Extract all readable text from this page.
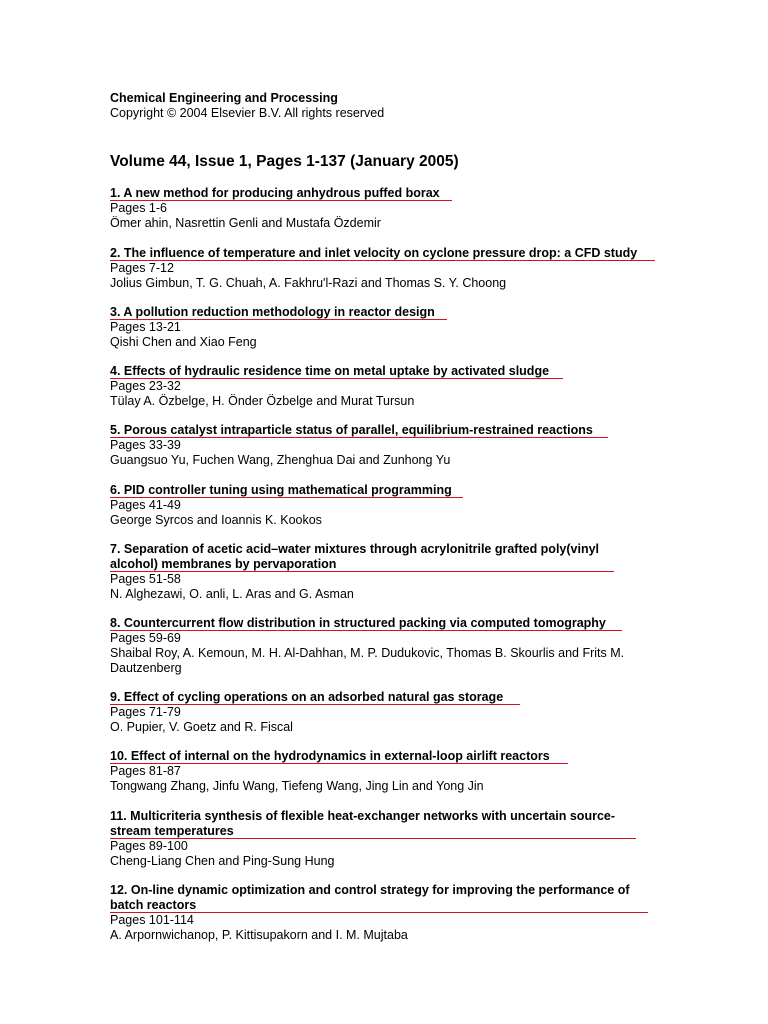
Chemical Engineering and Processing
Copyright © 2004 Elsevier B.V. All rights reserved
Volume 44, Issue 1, Pages 1-137 (January 2005)
1. A new method for producing anhydrous puffed borax
Pages 1-6
Ömer ahin, Nasrettin Genli and Mustafa Özdemir
2. The influence of temperature and inlet velocity on cyclone pressure drop: a CFD study
Pages 7-12
Jolius Gimbun, T. G. Chuah, A. Fakhru'l-Razi and Thomas S. Y. Choong
3. A pollution reduction methodology in reactor design
Pages 13-21
Qishi Chen and Xiao Feng
4. Effects of hydraulic residence time on metal uptake by activated sludge
Pages 23-32
Tülay A. Özbelge, H. Önder Özbelge and Murat Tursun
5. Porous catalyst intraparticle status of parallel, equilibrium-restrained reactions
Pages 33-39
Guangsuo Yu, Fuchen Wang, Zhenghua Dai and Zunhong Yu
6. PID controller tuning using mathematical programming
Pages 41-49
George Syrcos and Ioannis K. Kookos
7. Separation of acetic acid–water mixtures through acrylonitrile grafted poly(vinyl alcohol) membranes by pervaporation
Pages 51-58
N. Alghezawi, O. anli, L. Aras and G. Asman
8. Countercurrent flow distribution in structured packing via computed tomography
Pages 59-69
Shaibal Roy, A. Kemoun, M. H. Al-Dahhan, M. P. Dudukovic, Thomas B. Skourlis and Frits M. Dautzenberg
9. Effect of cycling operations on an adsorbed natural gas storage
Pages 71-79
O. Pupier, V. Goetz and R. Fiscal
10. Effect of internal on the hydrodynamics in external-loop airlift reactors
Pages 81-87
Tongwang Zhang, Jinfu Wang, Tiefeng Wang, Jing Lin and Yong Jin
11. Multicriteria synthesis of flexible heat-exchanger networks with uncertain source-stream temperatures
Pages 89-100
Cheng-Liang Chen and Ping-Sung Hung
12. On-line dynamic optimization and control strategy for improving the performance of batch reactors
Pages 101-114
A. Arpornwichanop, P. Kittisupakorn and I. M. Mujtaba
